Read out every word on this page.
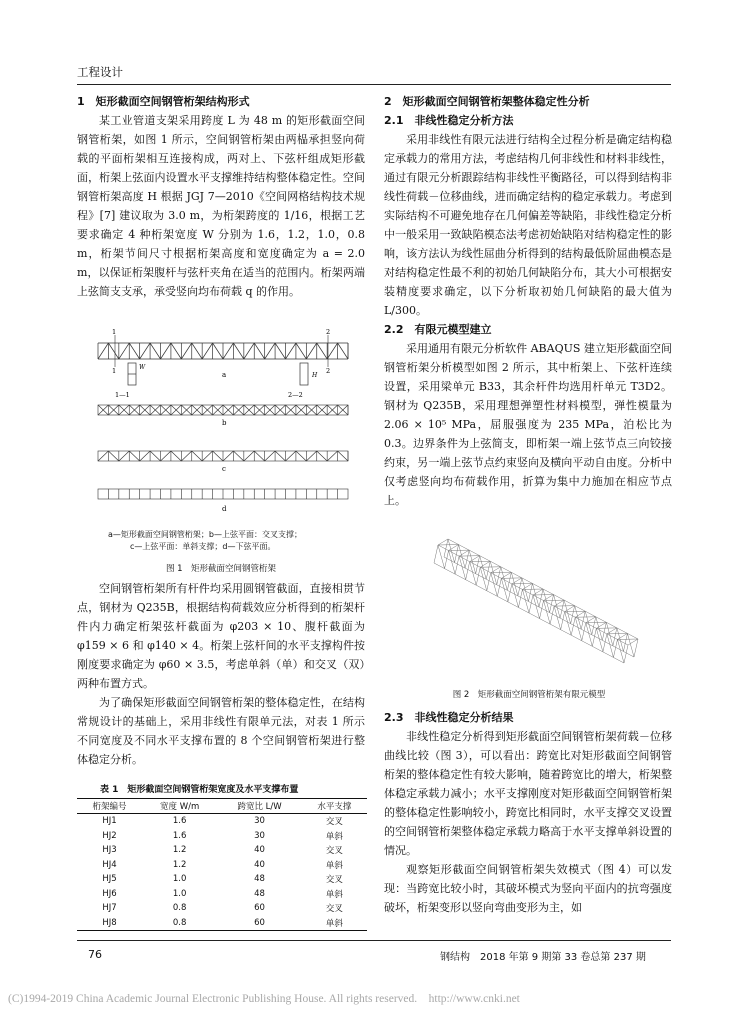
工程设计
1　矩形截面空间钢管桁架结构形式

某工业管道支架采用跨度 L 为 48 m 的矩形截面空间钢管桁架，如图 1 所示，空间钢管桁架由两榀承担竖向荷载的平面桁架相互连接构成，两对上、下弦杆组成矩形截面，桁架上弦面内设置水平支撑维持结构整体稳定性。空间钢管桁架高度 H 根据 JGJ 7—2010《空间网格结构技术规程》[7] 建议取为 3.0 m，为桁架跨度的 1/16，根据工艺要求确定 4 种桁架宽度 W 分别为 1.6，1.2，1.0，0.8 m，桁架节间尺寸根据桁架高度和宽度确定为 a = 2.0 m，以保证桁架腹杆与弦杆夹角在适当的范围内。桁架两端上弦简支支承，承受竖向均布荷载 q 的作用。

1
1
2
2
a
1—1
W
2—2
H
b
c
d
a—矩形截面空间钢管桁架；b—上弦平面：交叉支撑；
c—上弦平面：单斜支撑；d—下弦平面。
图 1　矩形截面空间钢管桁架

空间钢管桁架所有杆件均采用圆钢管截面，直接相贯节点，钢材为 Q235B，根据结构荷载效应分析得到的桁架杆件内力确定桁架弦杆截面为 φ203 × 10、腹杆截面为 φ159 × 6 和 φ140 × 4。桁架上弦杆间的水平支撑构件按刚度要求确定为 φ60 × 3.5，考虑单斜（单）和交叉（双）两种布置方式。

为了确保矩形截面空间钢管桁架的整体稳定性，在结构常规设计的基础上，采用非线性有限单元法，对表 1 所示不同宽度及不同水平支撑布置的 8 个空间钢管桁架进行整体稳定分析。

表 1　矩形截面空间钢管桁架宽度及水平支撑布置
桁架编号	宽度 W/m	跨宽比 L/W	水平支撑
HJ1	1.6	30	交叉
HJ2	1.6	30	单斜
HJ3	1.2	40	交叉
HJ4	1.2	40	单斜
HJ5	1.0	48	交叉
HJ6	1.0	48	单斜
HJ7	0.8	60	交叉
HJ8	0.8	60	单斜
2　矩形截面空间钢管桁架整体稳定性分析
2.1　非线性稳定分析方法

采用非线性有限元法进行结构全过程分析是确定结构稳定承载力的常用方法，考虑结构几何非线性和材料非线性，通过有限元分析跟踪结构非线性平衡路径，可以得到结构非线性荷载－位移曲线，进而确定结构的稳定承载力。考虑到实际结构不可避免地存在几何偏差等缺陷，非线性稳定分析中一般采用一致缺陷模态法考虑初始缺陷对结构稳定性的影响，该方法认为线性屈曲分析得到的结构最低阶屈曲模态是对结构稳定性最不利的初始几何缺陷分布，其大小可根据安装精度要求确定，以下分析取初始几何缺陷的最大值为 L/300。

2.2　有限元模型建立

采用通用有限元分析软件 ABAQUS 建立矩形截面空间钢管桁架分析模型如图 2 所示，其中桁架上、下弦杆连续设置，采用梁单元 B33，其余杆件均选用杆单元 T3D2。钢材为 Q235B，采用理想弹塑性材料模型，弹性模量为 2.06 × 10⁵ MPa，屈服强度为 235 MPa，泊松比为 0.3。边界条件为上弦简支，即桁架一端上弦节点三向铰接约束，另一端上弦节点约束竖向及横向平动自由度。分析中仅考虑竖向均布荷载作用，折算为集中力施加在相应节点上。

图 2　矩形截面空间钢管桁架有限元模型
2.3　非线性稳定分析结果

非线性稳定分析得到矩形截面空间钢管桁架荷载－位移曲线比较（图 3），可以看出：跨宽比对矩形截面空间钢管桁架的整体稳定性有较大影响，随着跨宽比的增大，桁架整体稳定承载力减小；水平支撑刚度对矩形截面空间钢管桁架的整体稳定性影响较小，跨宽比相同时，水平支撑交叉设置的空间钢管桁架整体稳定承载力略高于水平支撑单斜设置的情况。

观察矩形截面空间钢管桁架失效模式（图 4）可以发现：当跨宽比较小时，其破坏模式为竖向平面内的抗弯强度破坏，桁架变形以竖向弯曲变形为主，如

76	钢结构　2018 年第 9 期第 33 卷总第 237 期
(C)1994-2019 China Academic Journal Electronic Publishing House. All rights reserved.　http://www.cnki.net
